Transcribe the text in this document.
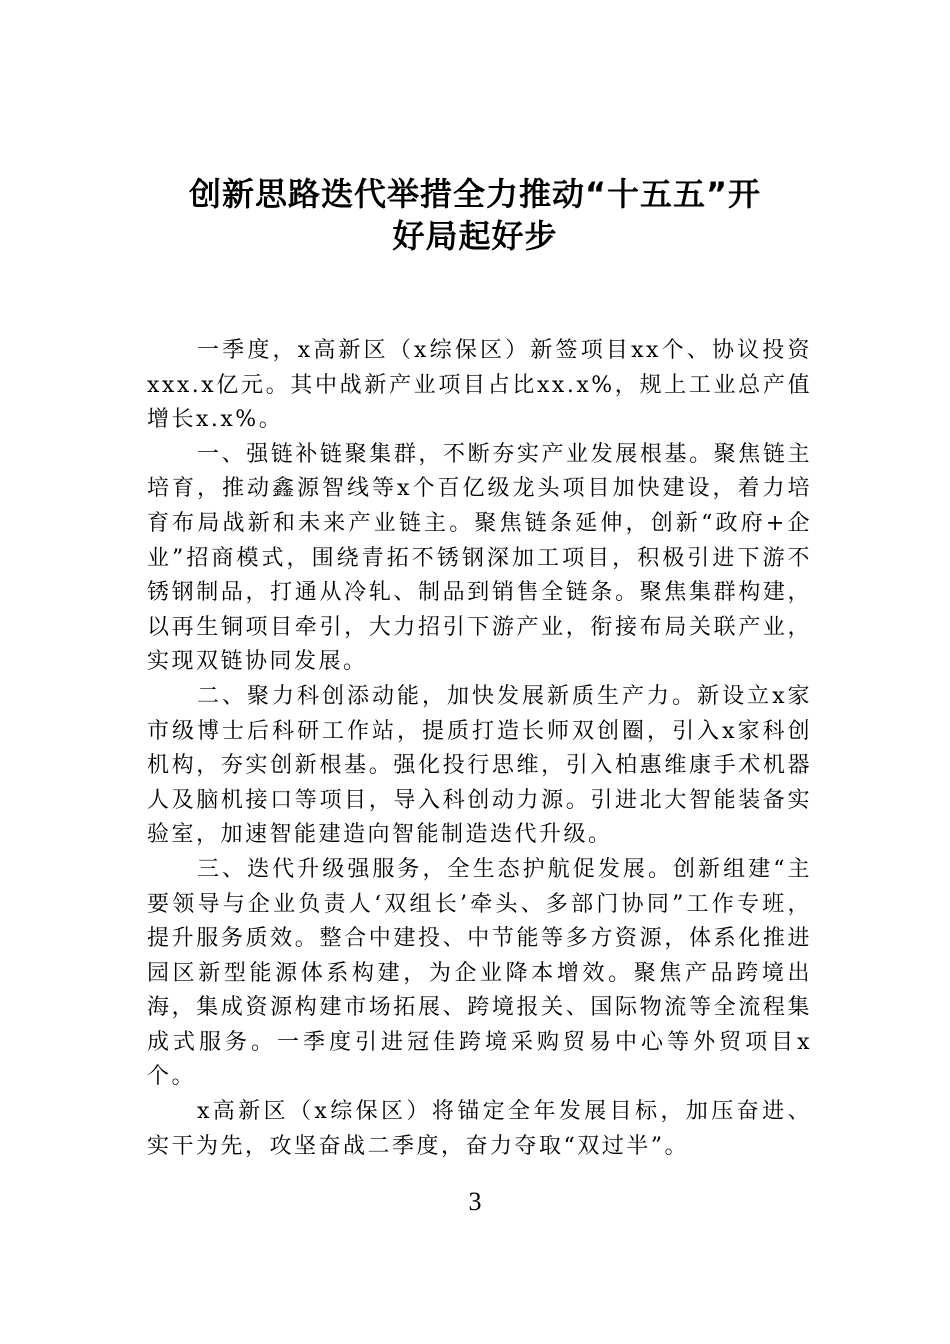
创新思路迭代举措全力推动“十五五”开
好局起好步

一季度，x高新区（x综保区）新签项目xx个、协议投资xxx.x亿元。其中战新产业项目占比xx.x%，规上工业总产值增长x.x%。

一、强链补链聚集群，不断夯实产业发展根基。聚焦链主培育，推动鑫源智线等x个百亿级龙头项目加快建设，着力培育布局战新和未来产业链主。聚焦链条延伸，创新“政府+企业”招商模式，围绕青拓不锈钢深加工项目，积极引进下游不锈钢制品，打通从冷轧、制品到销售全链条。聚焦集群构建，以再生铜项目牵引，大力招引下游产业，衔接布局关联产业，实现双链协同发展。

二、聚力科创添动能，加快发展新质生产力。新设立x家市级博士后科研工作站，提质打造长师双创圈，引入x家科创机构，夯实创新根基。强化投行思维，引入柏惠维康手术机器人及脑机接口等项目，导入科创动力源。引进北大智能装备实验室，加速智能建造向智能制造迭代升级。

三、迭代升级强服务，全生态护航促发展。创新组建“主要领导与企业负责人‘双组长’牵头、多部门协同”工作专班，提升服务质效。整合中建投、中节能等多方资源，体系化推进园区新型能源体系构建，为企业降本增效。聚焦产品跨境出海，集成资源构建市场拓展、跨境报关、国际物流等全流程集成式服务。一季度引进冠佳跨境采购贸易中心等外贸项目x个。

x高新区（x综保区）将锚定全年发展目标，加压奋进、实干为先，攻坚奋战二季度，奋力夺取“双过半”。

3
